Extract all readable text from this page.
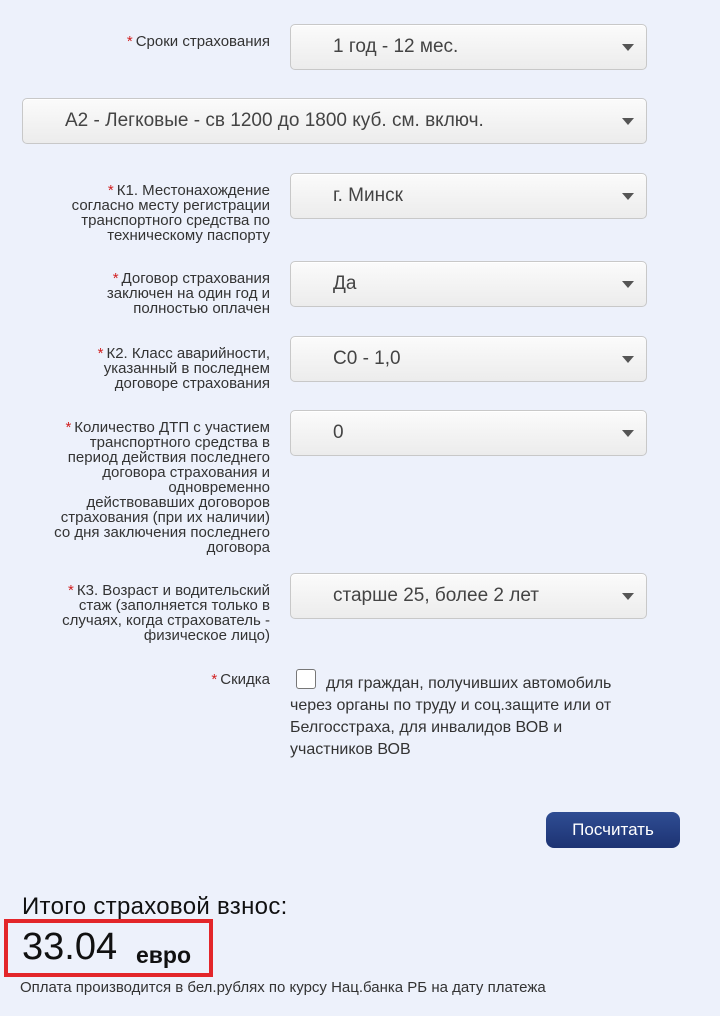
* Сроки страхования	1 год - 12 мес.
А2 - Легковые - св 1200 до 1800 куб. см. включ.
* К1. Местонахождение
согласно месту регистрации
транспортного средства по
техническому паспорту
г. Минск
* Договор страхования
заключен на один год и
полностью оплачен
Да
* К2. Класс аварийности,
указанный в последнем
договоре страхования
С0 - 1,0
* Количество ДТП с участием
транспортного средства в
период действия последнего
договора страхования и
одновременно
действовавших договоров
страхования (при их наличии)
со дня заключения последнего
договора
0
* К3. Возраст и водительский
стаж (заполняется только в
случаях, когда страхователь -
физическое лицо)
старше 25, более 2 лет
* Скидка	для граждан, получивших автомобиль через органы по труду и соц.защите или от Белгосстраха, для инвалидов ВОВ и участников ВОВ
Посчитать
Итого страховой взнос:
33.04 евро
Оплата производится в бел.рублях по курсу Нац.банка РБ на дату платежа
